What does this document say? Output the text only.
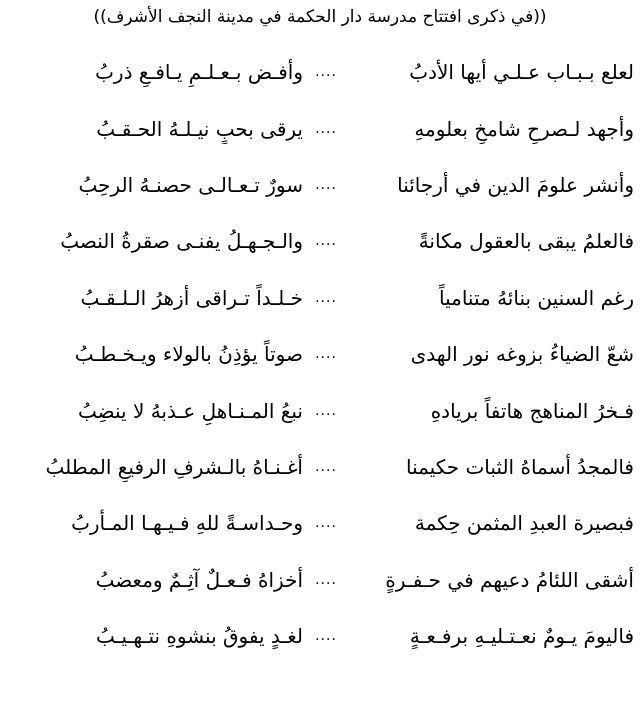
((في ذكرى افتتاح مدرسة دار الحكمة في مدينة النجف الأشرف))
لعلع بـبـاب عـلـي أيها الأدبُ
....
وأفـض بـعـلـمٍ يـافـعٍ ذربُ
وأجهد لـصرحٍ شامخٍ بعلومهِ
....
يرقى بحبٍ نيـلـهُ الحـقـبُ
وأنشر علومَ الدين في أرجائنا
....
سورٌ تـعـالـى حصنـهُ الرحِبُ
فالعلمُ يبقى بالعقول مكانةً
....
والـجـهـلُ يفنـى صقرةُ النصبُ
رغم السنين بنائهُ متنامياً
....
خـلـداً تـراقى أزهرُ الـلـقـبُ
شعّ الضياءُ بزوغه نور الهدى
....
صوتاً يؤذِنُ بالولاء ويـخـطـبُ
فـخرُ المناهج هاتفاً بريادهِ
....
نبعُ المـنـاهلِ عـذبهُ لا ينضِبُ
فالمجدُ أسماهُ الثبات حكيمنا
....
أغـنـاهُ بالـشرفِ الرفيعِ المطلبُ
فبصيرة العبدِ المثمن حِكمة
....
وحـداسـةً للهِ فـيـهـا المـأربُ
أشقى اللئامُ دعيهم في حـفـرةٍ
....
أخزاهُ فـعـلٌ آثِـمٌ ومعضبُ
فاليومَ يـومٌ نعـتـليـهِ برفـعـةٍ
....
لغـدٍ يفوقُ بنشوهِ نتـهـيـبُ
